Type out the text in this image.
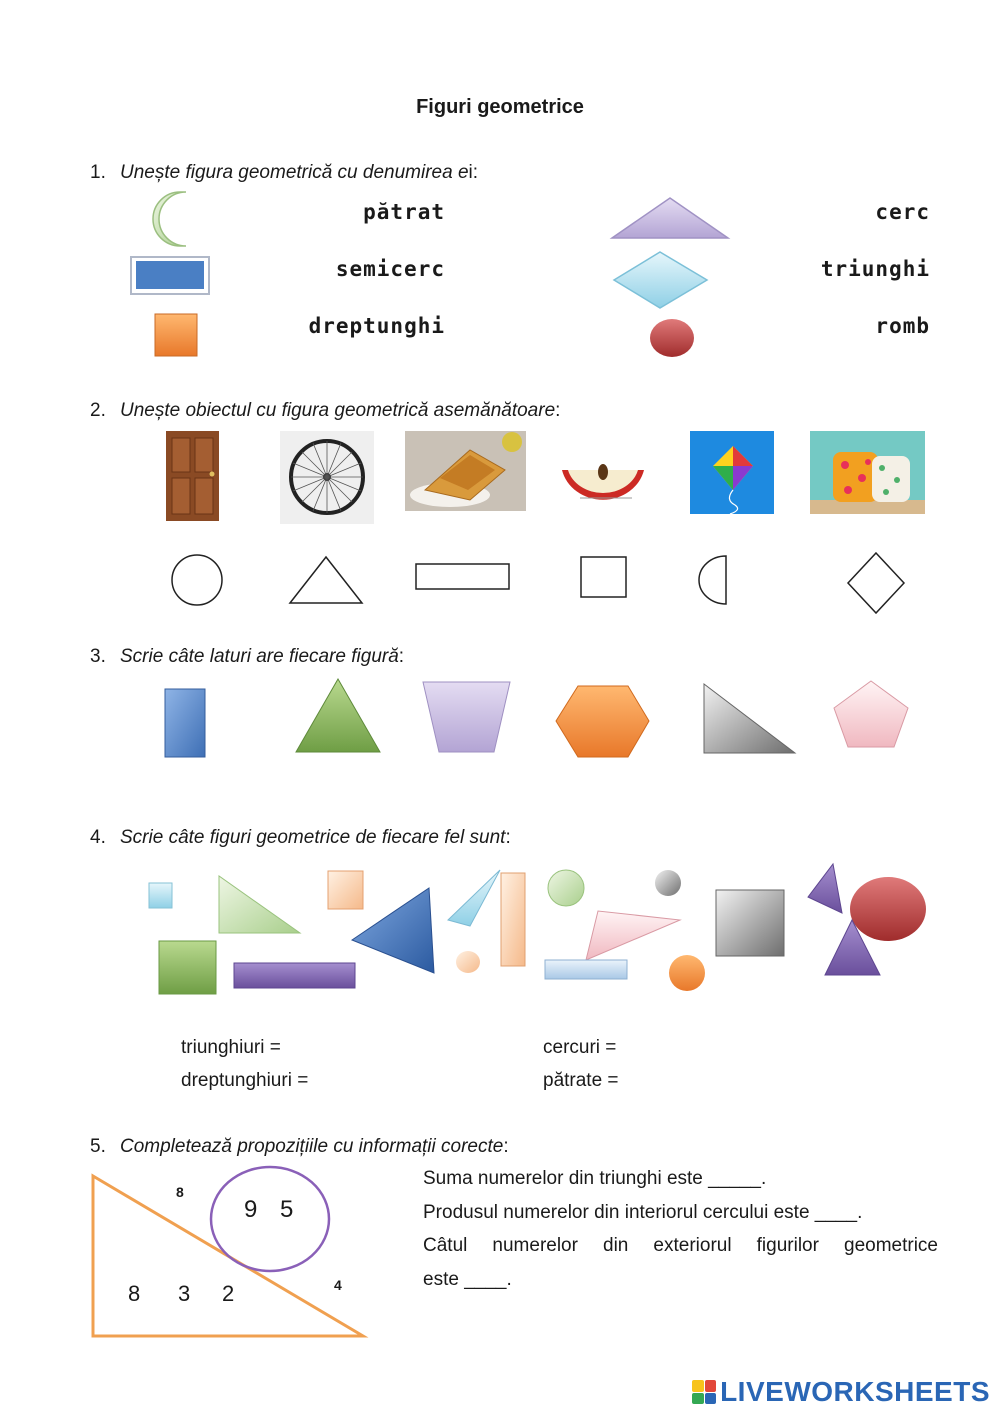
Figuri geometrice
1. Unește figura geometrică cu denumirea ei:
pătrat
semicerc
dreptunghi
cerc
triunghi
romb
2. Unește obiectul cu figura geometrică asemănătoare:
3. Scrie câte laturi are fiecare figură:
4. Scrie câte figuri geometrice de fiecare fel sunt:
triunghiuri =
dreptunghiuri =
cercuri =
pătrate =
5. Completează propozițiile cu informații corecte:
Suma numerelor din triunghi este _____.
Produsul numerelor din interiorul cercului este ____.
Câtul numerelor din exteriorul figurilor geometrice
este ____.
8
9 5
8 3 2	4
LIVEWORKSHEETS
